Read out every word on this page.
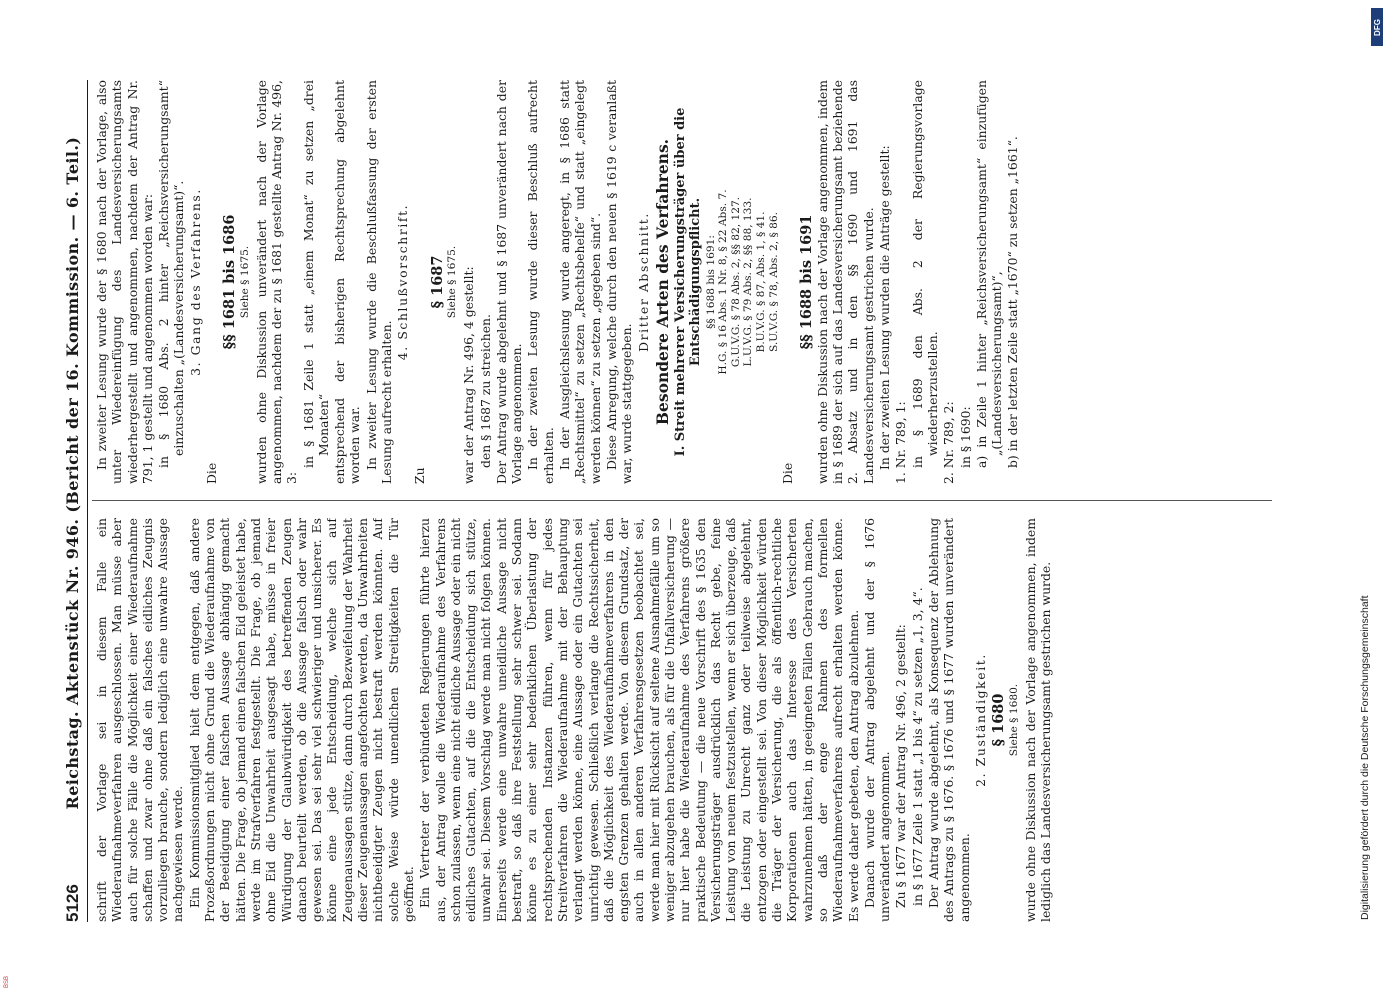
5126
Reichstag. Aktenstück Nr. 946. (Bericht der 16. Kommission. — 6. Teil.) schrift der Vorlage sei in diesem Falle ein Wiederaufnahmeverfahren ausgeschlossen. Man müsse aber auch für solche Fälle die Möglichkeit einer Wiederaufnahme schaffen und zwar ohne daß ein falsches eidliches Zeugnis vorzuliegen brauche, sondern lediglich eine unwahre Aussage nachgewiesen werde. Ein Kommissionsmitglied hielt dem entgegen, daß andere Prozeßordnungen nicht ohne Grund die Wiederaufnahme von der Beeidigung einer falschen Aussage abhängig gemacht hätten. Die Frage, ob jemand einen falschen Eid geleistet habe, werde im Strafverfahren festgestellt. Die Frage, ob jemand ohne Eid die Unwahrheit ausgesagt habe, müsse in freier Würdigung der Glaubwürdigkeit des betreffenden Zeugen danach beurteilt werden, ob die Aussage falsch oder wahr gewesen sei. Das sei sehr viel schwieriger und unsicherer. Es könne eine jede Entscheidung, welche sich auf Zeugenaussagen stütze, dann durch Bezweifelung der Wahrheit dieser Zeugenaussagen angefochten werden, da Unwahrheiten nichtbeeidigter Zeugen nicht bestraft werden könnten. Auf solche Weise würde unendlichen Streitigkeiten die Tür geöffnet. Ein Vertreter der verbündeten Regierungen führte hierzu aus, der Antrag wolle die Wiederaufnahme des Verfahrens schon zulassen, wenn eine nicht eidliche Aussage oder ein nicht eidliches Gutachten, auf die die Entscheidung sich stütze, unwahr sei. Diesem Vorschlag werde man nicht folgen können. Einerseits werde eine unwahre uneidliche Aussage nicht bestraft, so daß ihre Feststellung sehr schwer sei. Sodann könne es zu einer sehr bedenklichen Überlastung der rechtsprechenden Instanzen führen, wenn für jedes Streitverfahren die Wiederaufnahme mit der Behauptung verlangt werden könne, eine Aussage oder ein Gutachten sei unrichtig gewesen. Schließlich verlange die Rechtssicherheit, daß die Möglichkeit des Wiederaufnahmeverfahrens in den engsten Grenzen gehalten werde. Von diesem Grundsatz, der auch in allen anderen Verfahrensgesetzen beobachtet sei, werde man hier mit Rücksicht auf seltene Ausnahmefälle um so weniger abzugehen brauchen, als für die Unfallversicherung — nur hier habe die Wiederaufnahme des Verfahrens größere praktische Bedeutung — die neue Vorschrift des § 1635 den Versicherungsträger ausdrücklich das Recht gebe, feine Leistung von neuem festzustellen, wenn er sich überzeuge, daß die Leistung zu Unrecht ganz oder teilweise abgelehnt, entzogen oder eingestellt sei. Von dieser Möglichkeit würden die Träger der Versicherung, die als öffentlich-rechtliche Korporationen auch das Interesse des Versicherten wahrzunehmen hätten, in geeigneten Fällen Gebrauch machen, so daß der enge Rahmen des formellen Wiederaufnahmeverfahrens aufrecht erhalten werden könne. Es werde daher gebeten, den Antrag abzulehnen. Danach wurde der Antrag abgelehnt und der § 1676 unverändert angenommen. Zu § 1677 war der Antrag Nr. 496, 2 gestellt: in § 1677 Zeile 1 statt „1 bis 4“ zu setzen „1, 3, 4“. Der Antrag wurde abgelehnt, als Konsequenz der Ablehnung des Antrags zu § 1676. § 1676 und § 1677 wurden unverändert angenommen.

2. Zuständigkeit. § 1680 Siehe § 1680. wurde ohne Diskussion nach der Vorlage angenommen, indem lediglich das Landesversicherungsamt gestrichen wurde.

In zweiter Lesung wurde der § 1680 nach der Vorlage, also unter Wiedereinfügung des Landesversicherungsamts wiederhergestellt und angenommen, nachdem der Antrag Nr. 791, 1 gestellt und angenommen worden war: in § 1680 Abs. 2 hinter „Reichsversicherungsamt“ einzuschalten „(Landesversicherungsamt)“. 3. Gang des Verfahrens.

Die

§§ 1681 bis 1686 Siehe § 1675. wurden ohne Diskussion unverändert nach der Vorlage angenommen, nachdem der zu § 1681 gestellte Antrag Nr. 496, 3:

in § 1681 Zeile 1 statt „einem Monat“ zu setzen „drei Monaten“ entsprechend der bisherigen Rechtsprechung abgelehnt worden war. In zweiter Lesung wurde die Beschlußfassung der ersten Lesung aufrecht erhalten.

4. Schlußvorschrift.

Zu

§ 1687 Siehe § 1675. war der Antrag Nr. 496, 4 gestellt: den § 1687 zu streichen. Der Antrag wurde abgelehnt und § 1687 unverändert nach der Vorlage angenommen. In der zweiten Lesung wurde dieser Beschluß aufrecht erhalten. In der Ausgleichslesung wurde angeregt, in § 1686 statt „Rechtsmittel“ zu setzen „Rechtsbehelfe“ und statt „eingelegt werden können“ zu setzen „gegeben sind“. Diese Anregung, welche durch den neuen § 1619 c veranlaßt war, wurde stattgegeben.

Dritter Abschnitt. Besondere Arten des Verfahrens. I. Streit mehrerer Versicherungsträger über die Entschädigungspflicht. §§ 1688 bis 1691: H.G. § 16 Abs. 1 Nr. 8, § 22 Abs. 7. G.U.V.G. § 78 Abs. 2, §§ 82, 127. L.U.V.G. § 79 Abs. 2, §§ 88, 133. B.U.V.G. § 87, Abs. 1, § 41. S.U.V.G. § 78, Abs. 2, § 86.

Die

§§ 1688 bis 1691 wurden ohne Diskussion nach der Vorlage angenommen, indem in § 1689 der sich auf das Landesversicherungsamt beziehende 2. Absatz und in den §§ 1690 und 1691 das Landesversicherungsamt gestrichen wurde. In der zweiten Lesung wurden die Anträge gestellt: 1. Nr. 789, 1: in § 1689 den Abs. 2 der Regierungsvorlage wiederherzustellen. 2. Nr. 789, 2: in § 1690: a) in Zeile 1 hinter „Reichsversicherungsamt“ einzufügen „(Landesversicherungsamt)“, b) in der letzten Zeile statt „1670“ zu setzen „1661“.

Digitalisierung gefördert durch die Deutsche Forschungsgemeinschaft
DFG
BSB
